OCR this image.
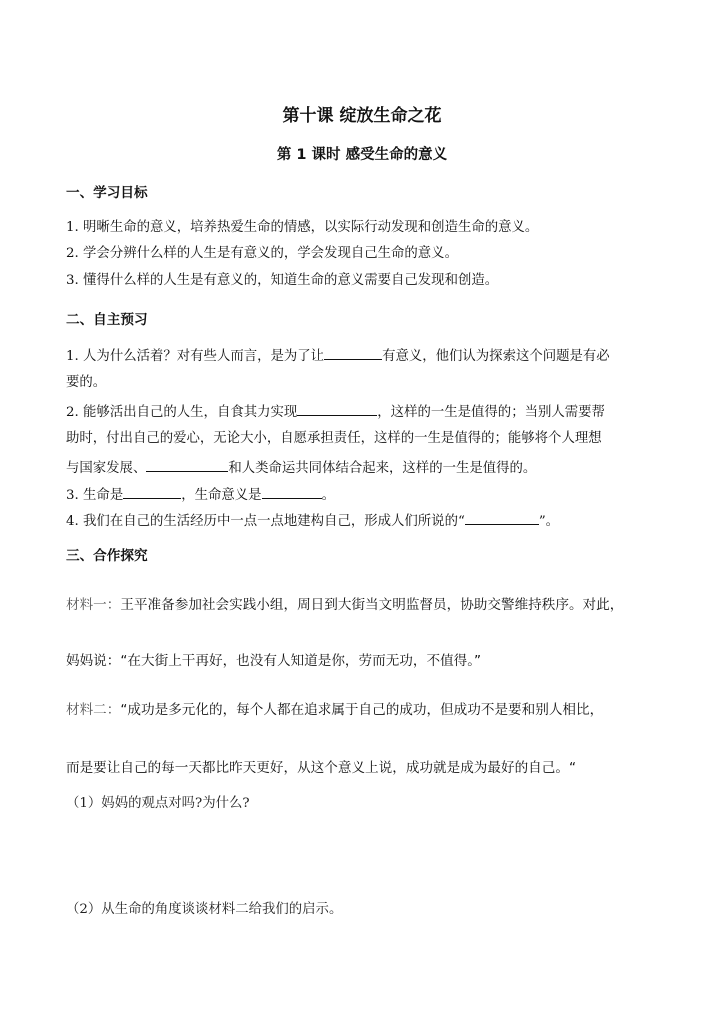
第十课 绽放生命之花
第 1 课时 感受生命的意义
一、学习目标
1. 明晰生命的意义，培养热爱生命的情感，以实际行动发现和创造生命的意义。
2. 学会分辨什么样的人生是有意义的，学会发现自己生命的意义。
3. 懂得什么样的人生是有意义的，知道生命的意义需要自己发现和创造。
二、自主预习
1. 人为什么活着？对有些人而言，是为了让	有意义，他们认为探索这个问题是有必
要的。
2. 能够活出自己的人生，自食其力实现	，这样的一生是值得的；当别人需要帮
助时，付出自己的爱心，无论大小，自愿承担责任，这样的一生是值得的；能够将个人理想
与国家发展、	和人类命运共同体结合起来，这样的一生是值得的。
3. 生命是	，生命意义是	。
4. 我们在自己的生活经历中一点一点地建构自己，形成人们所说的“	”。
三、合作探究
材料一：王平准备参加社会实践小组，周日到大街当文明监督员，协助交警维持秩序。对此，
妈妈说：“在大街上干再好，也没有人知道是你，劳而无功，不值得。”
材料二：“成功是多元化的，每个人都在追求属于自己的成功，但成功不是要和别人相比，
而是要让自己的每一天都比昨天更好，从这个意义上说，成功就是成为最好的自己。“
（1）妈妈的观点对吗?为什么?
（2）从生命的角度谈谈材料二给我们的启示。
